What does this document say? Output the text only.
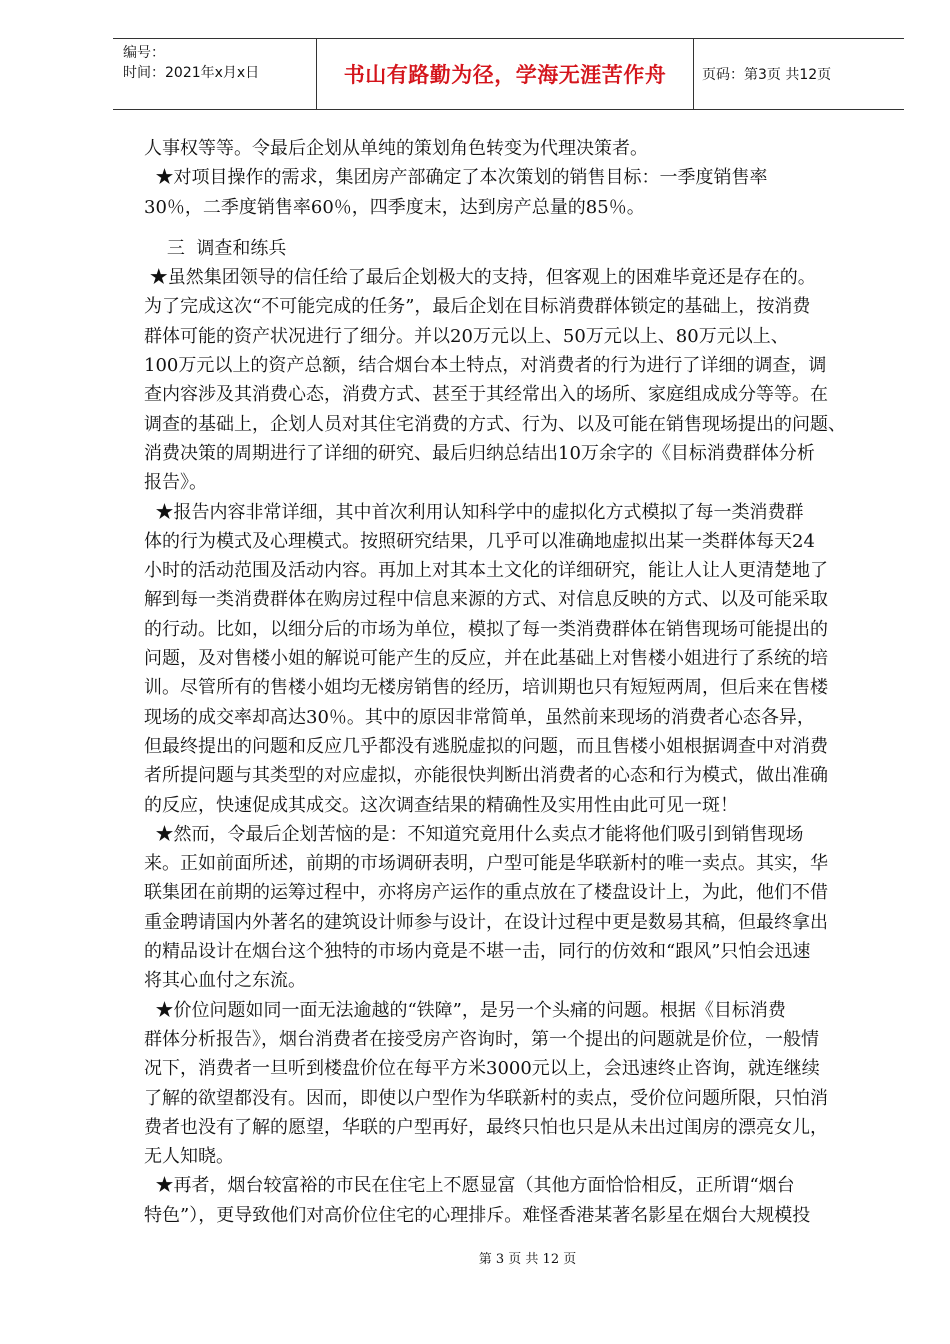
编号：
时间：2021年x月x日	书山有路勤为径，学海无涯苦作舟	页码：第3页 共12页

人事权等等。令最后企划从单纯的策划角色转变为代理决策者。

★对项目操作的需求，集团房产部确定了本次策划的销售目标：一季度销售率

30％，二季度销售率60％，四季度末，达到房产总量的85％。

三  调查和练兵

★虽然集团领导的信任给了最后企划极大的支持，但客观上的困难毕竟还是存在的。

为了完成这次“不可能完成的任务”，最后企划在目标消费群体锁定的基础上，按消费

群体可能的资产状况进行了细分。并以20万元以上、50万元以上、80万元以上、

100万元以上的资产总额，结合烟台本土特点，对消费者的行为进行了详细的调查，调

查内容涉及其消费心态，消费方式、甚至于其经常出入的场所、家庭组成成分等等。在

调查的基础上，企划人员对其住宅消费的方式、行为、以及可能在销售现场提出的问题、

消费决策的周期进行了详细的研究、最后归纳总结出10万余字的《目标消费群体分析

报告》。

★报告内容非常详细，其中首次利用认知科学中的虚拟化方式模拟了每一类消费群

体的行为模式及心理模式。按照研究结果，几乎可以准确地虚拟出某一类群体每天24

小时的活动范围及活动内容。再加上对其本土文化的详细研究，能让人让人更清楚地了

解到每一类消费群体在购房过程中信息来源的方式、对信息反映的方式、以及可能采取

的行动。比如，以细分后的市场为单位，模拟了每一类消费群体在销售现场可能提出的

问题，及对售楼小姐的解说可能产生的反应，并在此基础上对售楼小姐进行了系统的培

训。尽管所有的售楼小姐均无楼房销售的经历，培训期也只有短短两周，但后来在售楼

现场的成交率却高达30％。其中的原因非常简单，虽然前来现场的消费者心态各异，

但最终提出的问题和反应几乎都没有逃脱虚拟的问题，而且售楼小姐根据调查中对消费

者所提问题与其类型的对应虚拟，亦能很快判断出消费者的心态和行为模式，做出准确

的反应，快速促成其成交。这次调查结果的精确性及实用性由此可见一斑！

★然而，令最后企划苦恼的是：不知道究竟用什么卖点才能将他们吸引到销售现场

来。正如前面所述，前期的市场调研表明，户型可能是华联新村的唯一卖点。其实，华

联集团在前期的运筹过程中，亦将房产运作的重点放在了楼盘设计上，为此，他们不借

重金聘请国内外著名的建筑设计师参与设计，在设计过程中更是数易其稿，但最终拿出

的精品设计在烟台这个独特的市场内竟是不堪一击，同行的仿效和“跟风”只怕会迅速

将其心血付之东流。

★价位问题如同一面无法逾越的“铁障”，是另一个头痛的问题。根据《目标消费

群体分析报告》，烟台消费者在接受房产咨询时，第一个提出的问题就是价位，一般情

况下，消费者一旦听到楼盘价位在每平方米3000元以上，会迅速终止咨询，就连继续

了解的欲望都没有。因而，即使以户型作为华联新村的卖点，受价位问题所限，只怕消

费者也没有了解的愿望，华联的户型再好，最终只怕也只是从未出过闺房的漂亮女儿，

无人知晓。

★再者，烟台较富裕的市民在住宅上不愿显富（其他方面恰恰相反，正所谓“烟台

特色”），更导致他们对高价位住宅的心理排斥。难怪香港某著名影星在烟台大规模投

第 3 页 共 12 页
